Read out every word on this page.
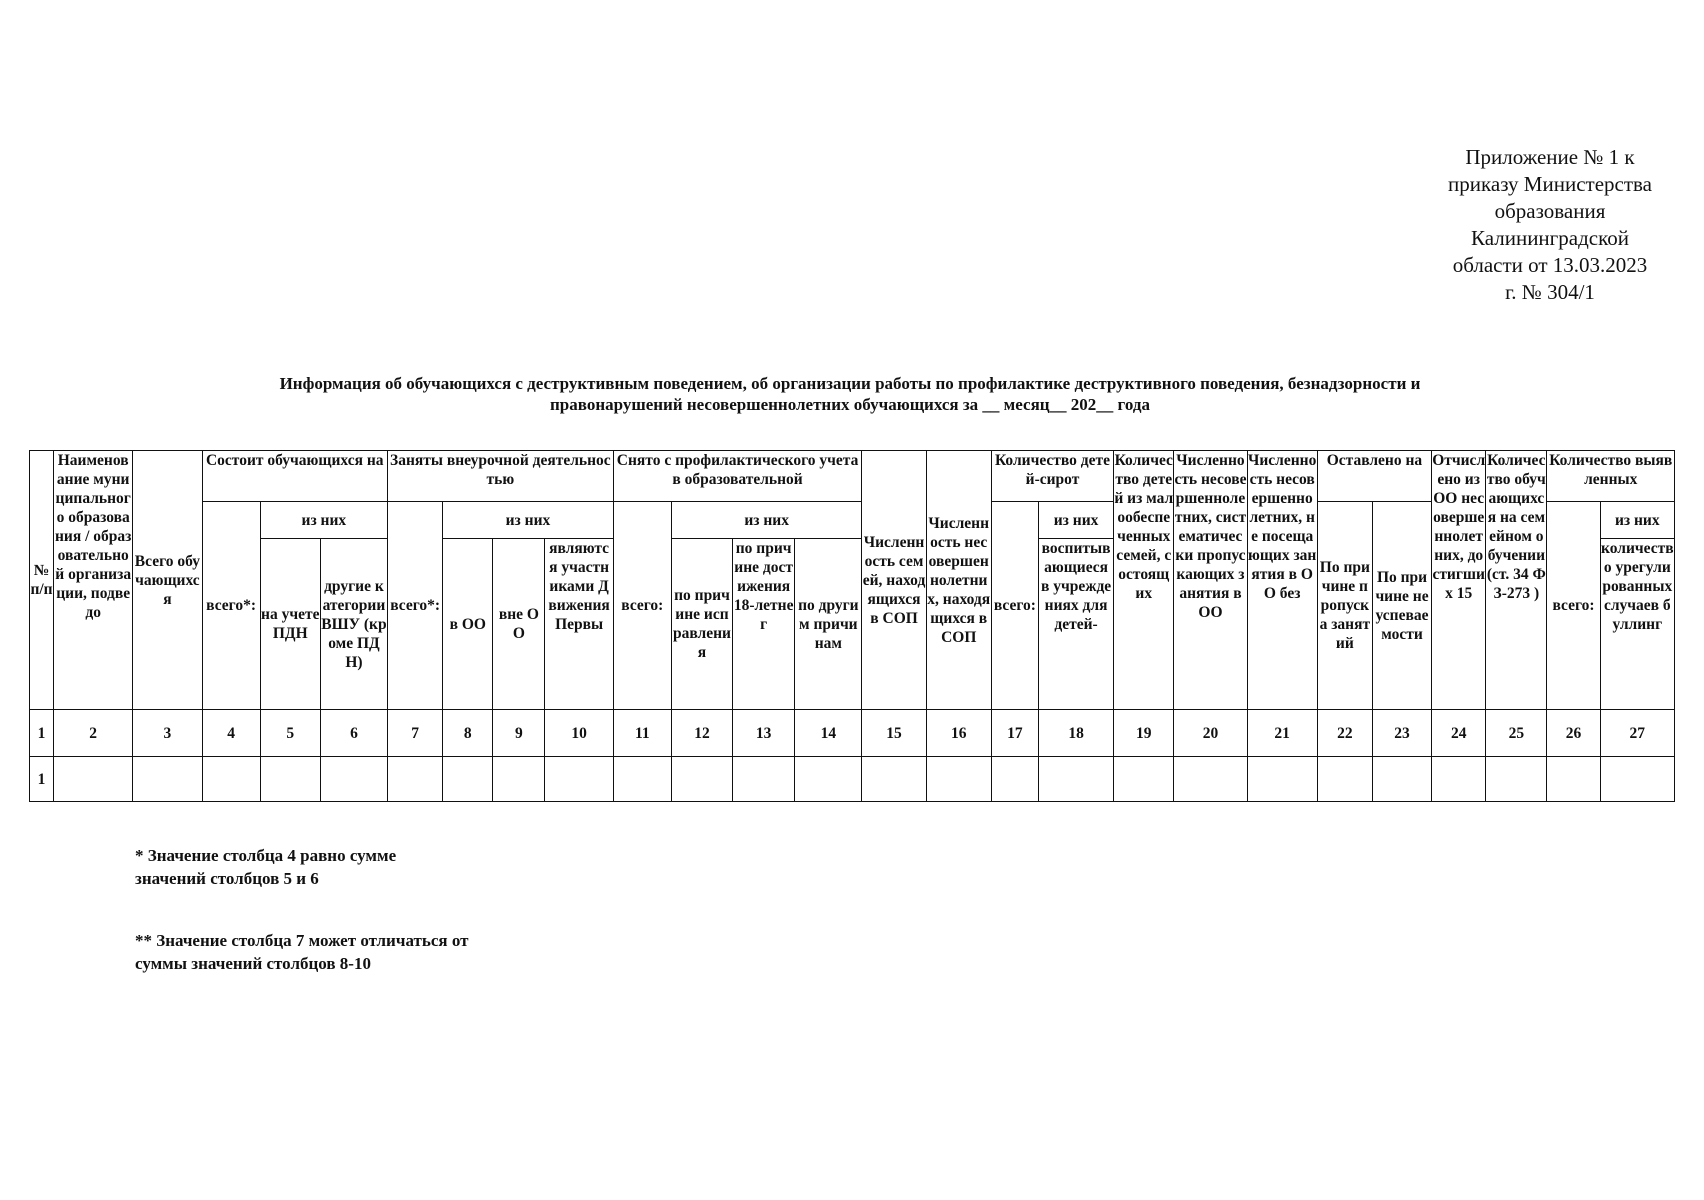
Приложение № 1 к
приказу Министерства
образования
Калининградской
области от 13.03.2023
г. № 304/1
Информация об обучающихся с деструктивным поведением, об организации работы по профилактике деструктивного поведения, безнадзорности и
правонарушений несовершеннолетних обучающихся за __ месяц__ 202__ года
№ п/п	Наименование муниципального образования / образовательной организации, подведо	Всего обучающихся	Состоит обучающихся на			Заняты внеурочной деятельностью				Снято с профилактического учета в образовательной				Численность семей, находящихся в СОП	Численность несовершеннолетних, находящихся в СОП	Количество детей-сирот		Количество детей из малообеспеченных семей, состоящих	Численность несовершеннолетних, систематически пропускающих занятия в ОО	Численность несовершеннолетних, не посещающих занятия в ОО без	Оставлено на		Отчислено из ОО несовершеннолетних, достигших 15	Количество обучающихся на семейном обучении (ст. 34 ФЗ-273 )	Количество выявленных	
			всего*:	из них		всего*:	из них			всего:	из них					всего:	из них				По причине пропуска занятий	По причине неуспеваемости			всего:	из них
				на учете ПДН	другие категории ВШУ (кроме ПДН)		в ОО	вне ОО	являются участниками Движения Первы		по причине исправления	по причине достижения 18-летнег	по другим причинам				воспитывающиеся в учреждениях для детей-									количество урегулированных случаев буллинг
1	2	3	4	5	6	7	8	9	10	11	12	13	14	15	16	17	18	19	20	21	22	23	24	25	26	27
1																										
* Значение столбца 4 равно сумме
значений столбцов 5 и 6
** Значение столбца 7 может отличаться от
суммы значений столбцов 8-10
